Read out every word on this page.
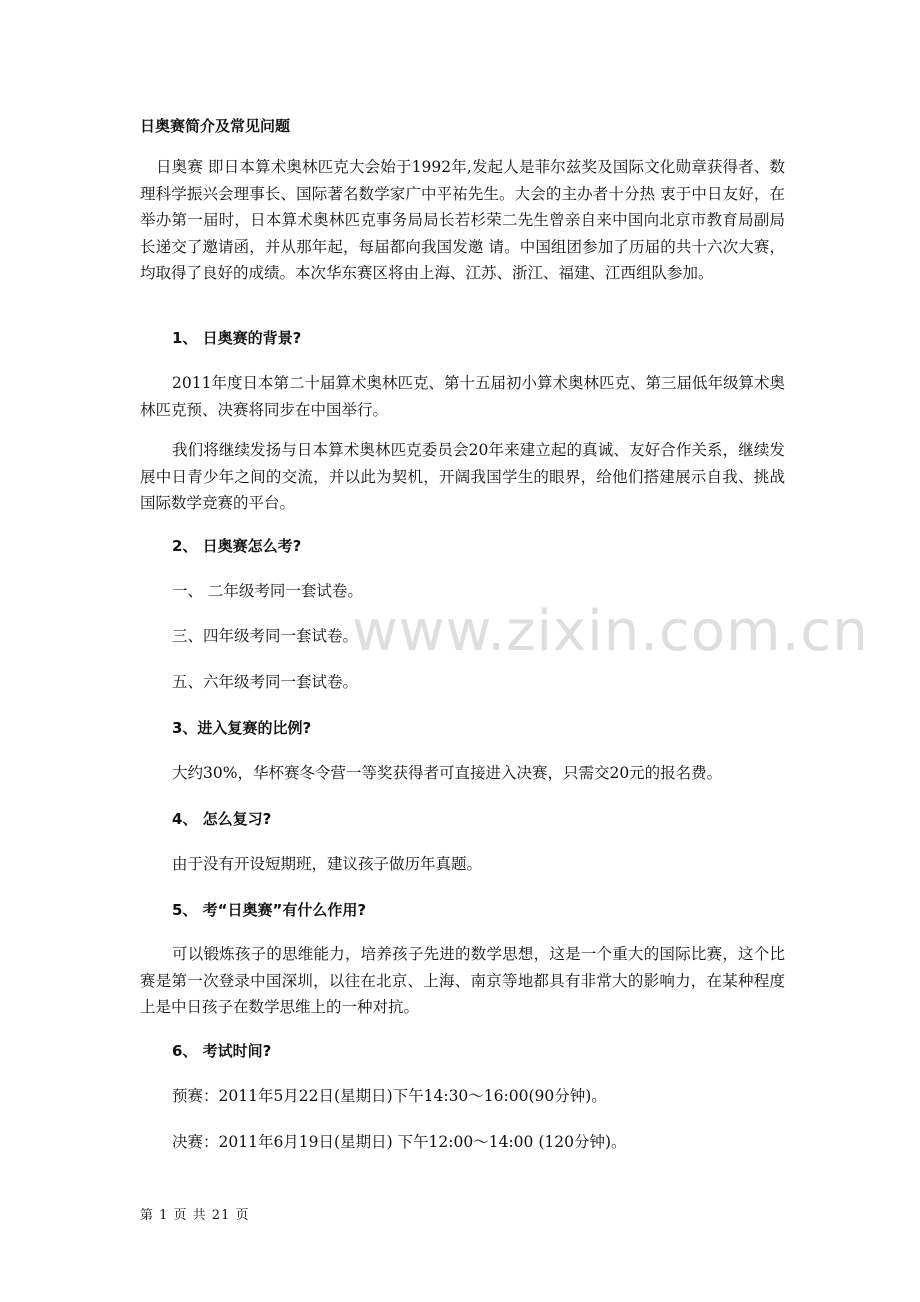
日奥赛简介及常见问题

日奥赛 即日本算术奥林匹克大会始于1992年,发起人是菲尔兹奖及国际文化勋章获得者、数理科学振兴会理事长、国际著名数学家广中平祐先生。大会的主办者十分热 衷于中日友好，在举办第一届时，日本算术奥林匹克事务局局长若杉荣二先生曾亲自来中国向北京市教育局副局长递交了邀请函，并从那年起，每届都向我国发邀 请。中国组团参加了历届的共十六次大赛，均取得了良好的成绩。本次华东赛区将由上海、江苏、浙江、福建、江西组队参加。

1、 日奥赛的背景?

2011年度日本第二十届算术奥林匹克、第十五届初小算术奥林匹克、第三届低年级算术奥林匹克预、决赛将同步在中国举行。

我们将继续发扬与日本算术奥林匹克委员会20年来建立起的真诚、友好合作关系，继续发展中日青少年之间的交流，并以此为契机，开阔我国学生的眼界，给他们搭建展示自我、挑战国际数学竞赛的平台。

2、 日奥赛怎么考?

一、 二年级考同一套试卷。

三、四年级考同一套试卷。

五、六年级考同一套试卷。

3、进入复赛的比例?

大约30%，华杯赛冬令营一等奖获得者可直接进入决赛，只需交20元的报名费。

4、 怎么复习?

由于没有开设短期班，建议孩子做历年真题。

5、 考“日奥赛”有什么作用?

可以锻炼孩子的思维能力，培养孩子先进的数学思想，这是一个重大的国际比赛，这个比赛是第一次登录中国深圳，以往在北京、上海、南京等地都具有非常大的影响力，在某种程度上是中日孩子在数学思维上的一种对抗。

6、 考试时间?

预赛：2011年5月22日(星期日)下午14:30～16:00(90分钟)。

决赛：2011年6月19日(星期日) 下午12:00～14:00 (120分钟)。

www.zixin.com.cn
第 1 页 共 21 页
